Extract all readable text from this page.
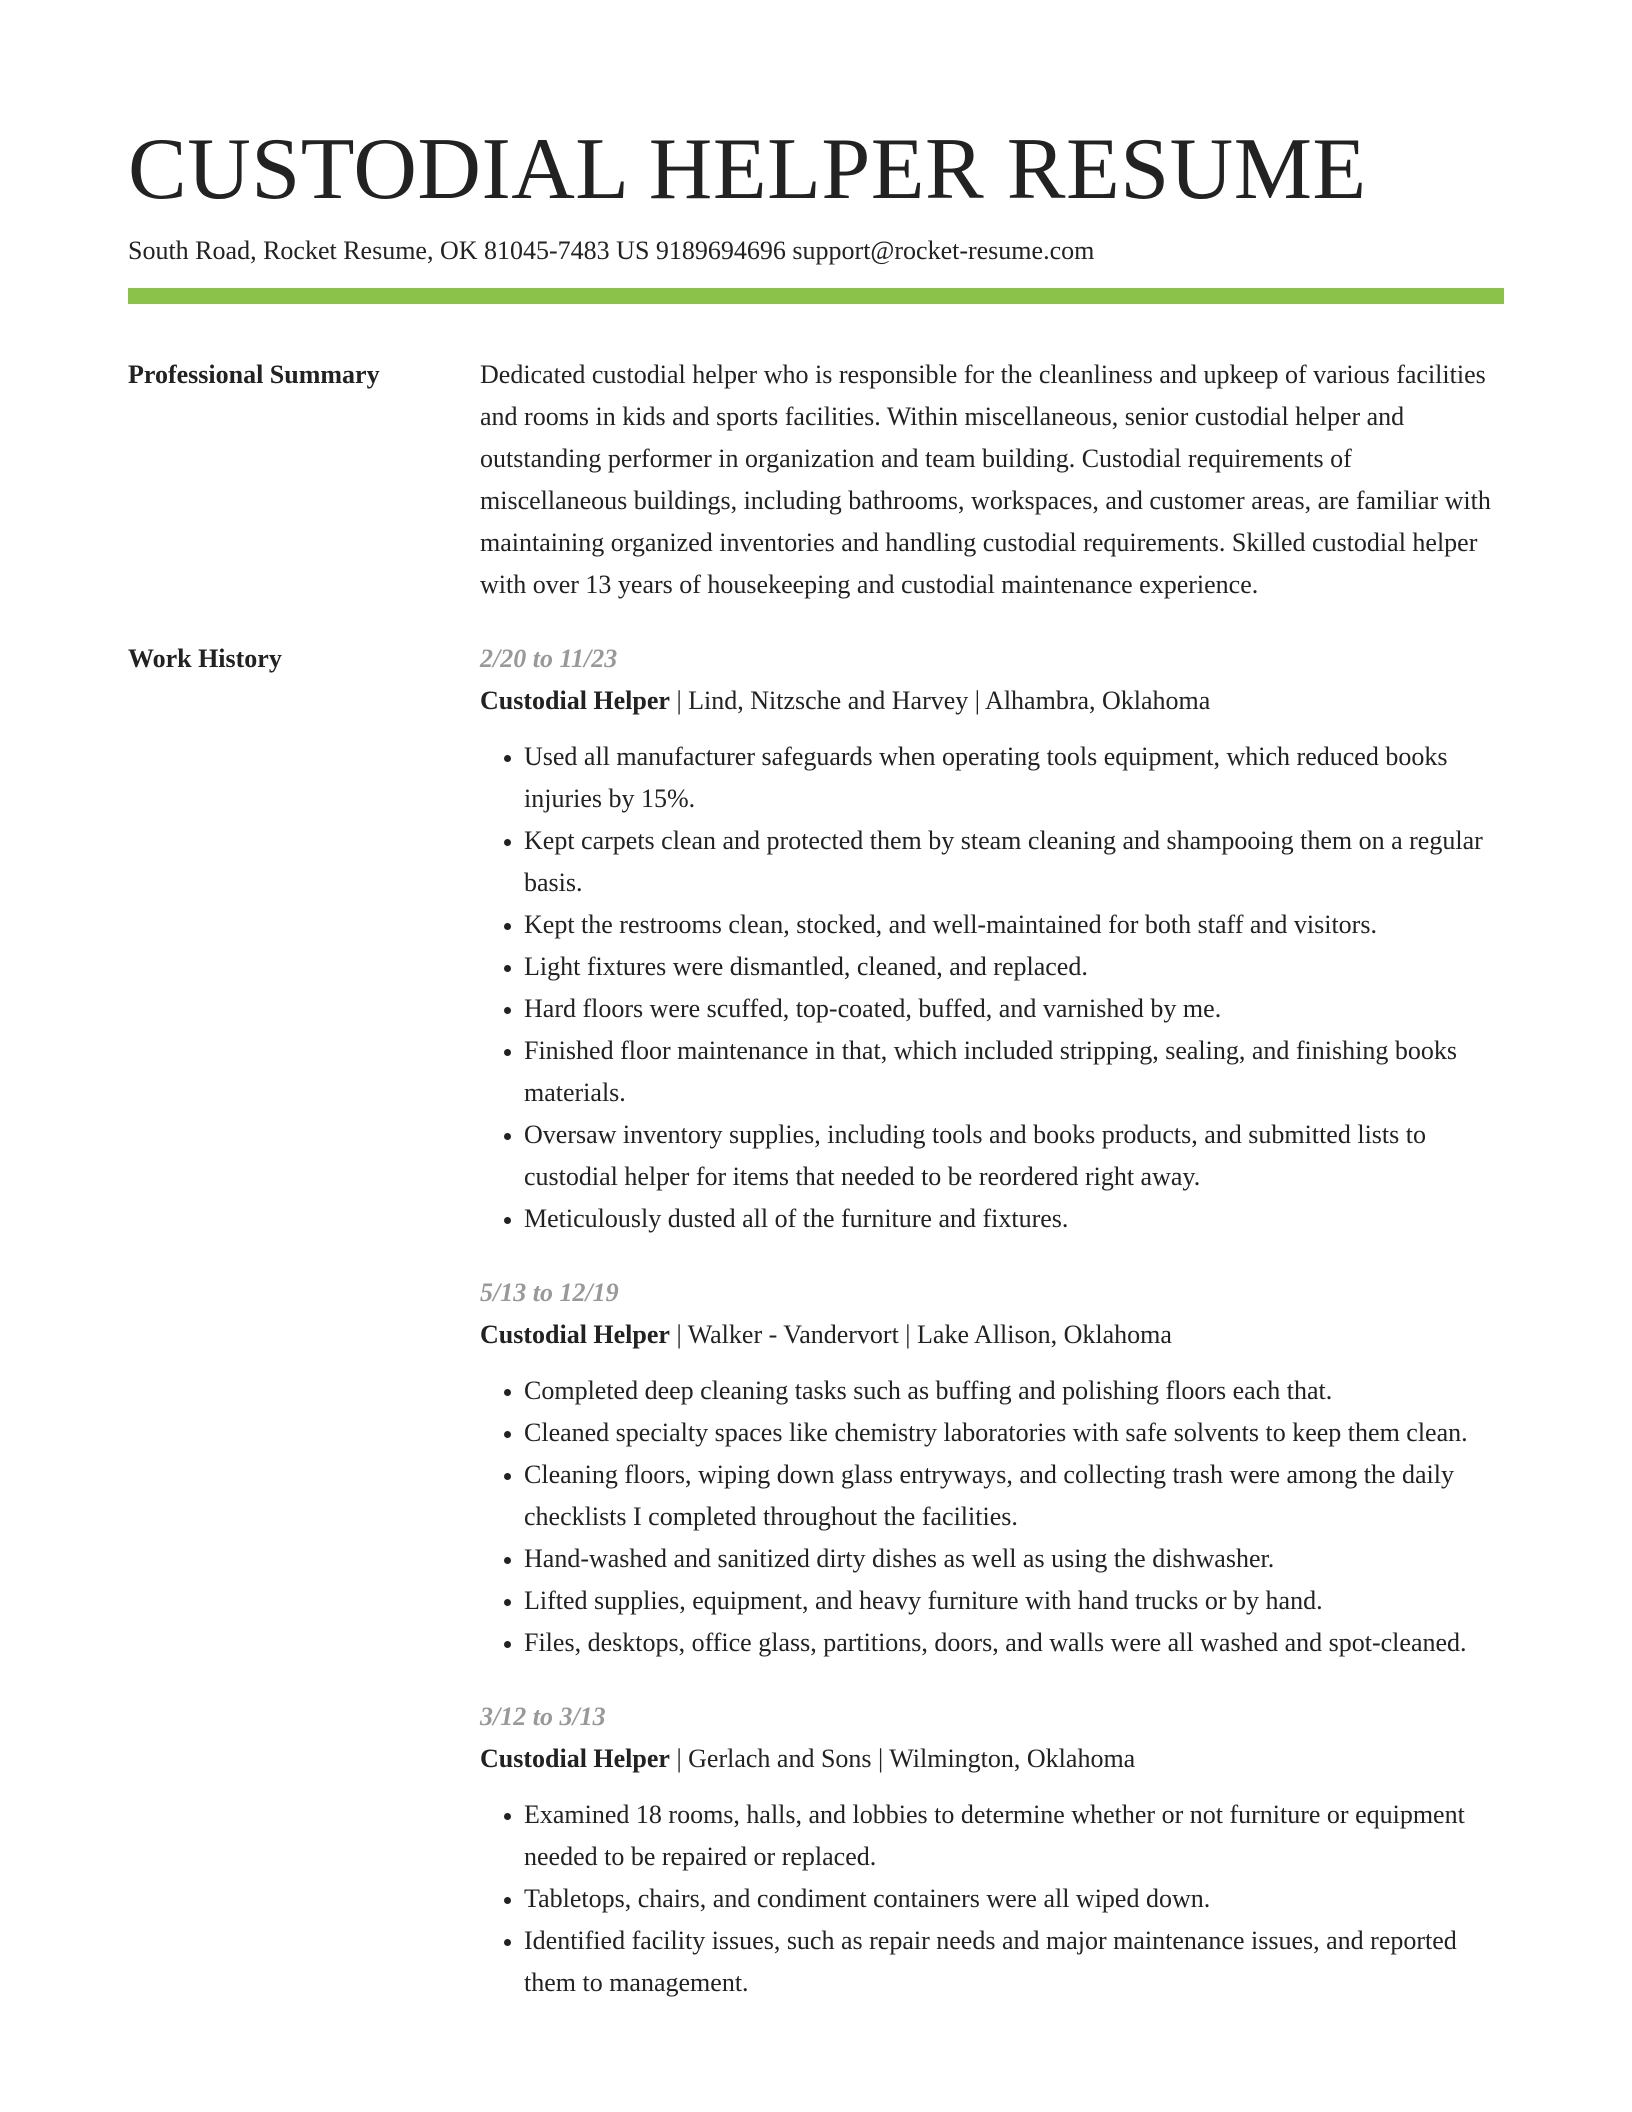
CUSTODIAL HELPER RESUME
South Road, Rocket Resume, OK 81045-7483 US 9189694696 support@rocket-resume.com
Professional Summary	Dedicated custodial helper who is responsible for the cleanliness and upkeep of various facilities and rooms in kids and sports facilities. Within miscellaneous, senior custodial helper and outstanding performer in organization and team building. Custodial requirements of miscellaneous buildings, including bathrooms, workspaces, and customer areas, are familiar with maintaining organized inventories and handling custodial requirements. Skilled custodial helper with over 13 years of housekeeping and custodial maintenance experience.

Work History	2/20 to 11/23
Custodial Helper | Lind, Nitzsche and Harvey | Alhambra, Oklahoma
• Used all manufacturer safeguards when operating tools equipment, which reduced books injuries by 15%.
• Kept carpets clean and protected them by steam cleaning and shampooing them on a regular basis.
• Kept the restrooms clean, stocked, and well-maintained for both staff and visitors.
• Light fixtures were dismantled, cleaned, and replaced.
• Hard floors were scuffed, top-coated, buffed, and varnished by me.
• Finished floor maintenance in that, which included stripping, sealing, and finishing books materials.
• Oversaw inventory supplies, including tools and books products, and submitted lists to custodial helper for items that needed to be reordered right away.
• Meticulously dusted all of the furniture and fixtures.
5/13 to 12/19
Custodial Helper | Walker - Vandervort | Lake Allison, Oklahoma
• Completed deep cleaning tasks such as buffing and polishing floors each that.
• Cleaned specialty spaces like chemistry laboratories with safe solvents to keep them clean.
• Cleaning floors, wiping down glass entryways, and collecting trash were among the daily checklists I completed throughout the facilities.
• Hand-washed and sanitized dirty dishes as well as using the dishwasher.
• Lifted supplies, equipment, and heavy furniture with hand trucks or by hand.
• Files, desktops, office glass, partitions, doors, and walls were all washed and spot-cleaned.
3/12 to 3/13
Custodial Helper | Gerlach and Sons | Wilmington, Oklahoma
• Examined 18 rooms, halls, and lobbies to determine whether or not furniture or equipment needed to be repaired or replaced.
• Tabletops, chairs, and condiment containers were all wiped down.
• Identified facility issues, such as repair needs and major maintenance issues, and reported them to management.
